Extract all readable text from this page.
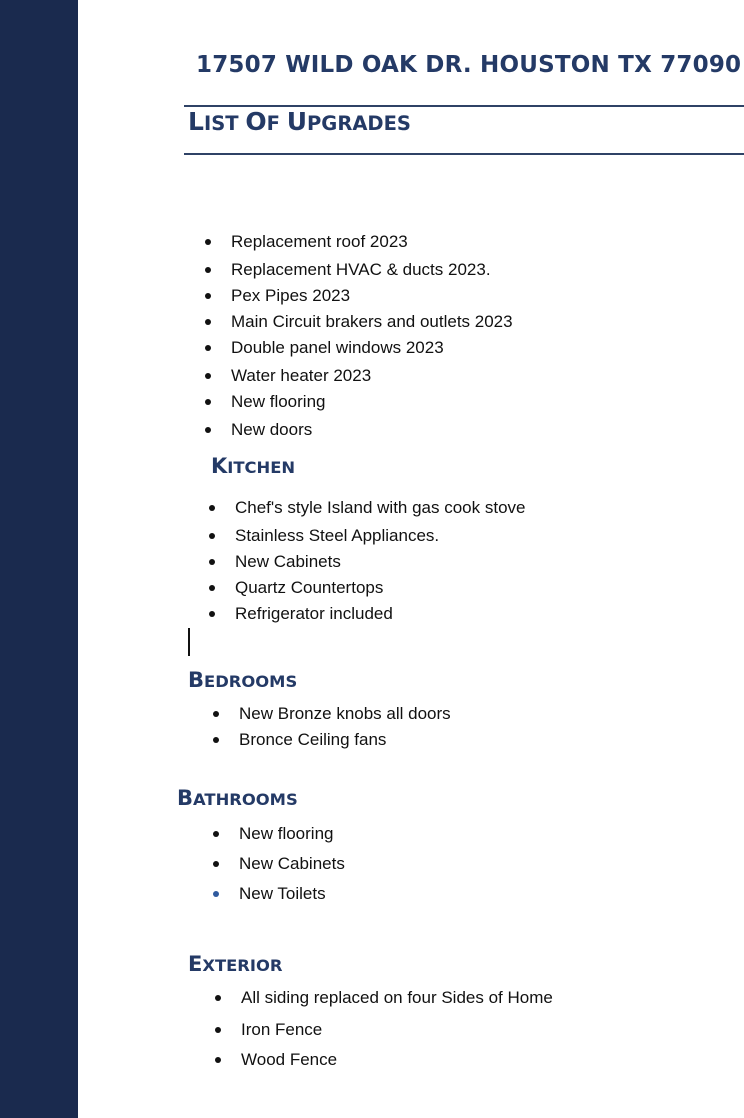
17507 WILD OAK DR. HOUSTON TX 77090
LIST OF UPGRADES
Replacement roof 2023
Replacement HVAC & ducts 2023.
Pex Pipes 2023
Main Circuit brakers and outlets 2023
Double panel windows 2023
Water heater 2023
New flooring
New doors
KITCHEN
Chef's style Island with gas cook stove
Stainless Steel Appliances.
New Cabinets
Quartz Countertops
Refrigerator included
BEDROOMS
New Bronze knobs all doors
Bronce Ceiling fans
BATHROOMS
New flooring
New Cabinets
New Toilets
EXTERIOR
All siding replaced on four Sides of Home
Iron Fence
Wood Fence
